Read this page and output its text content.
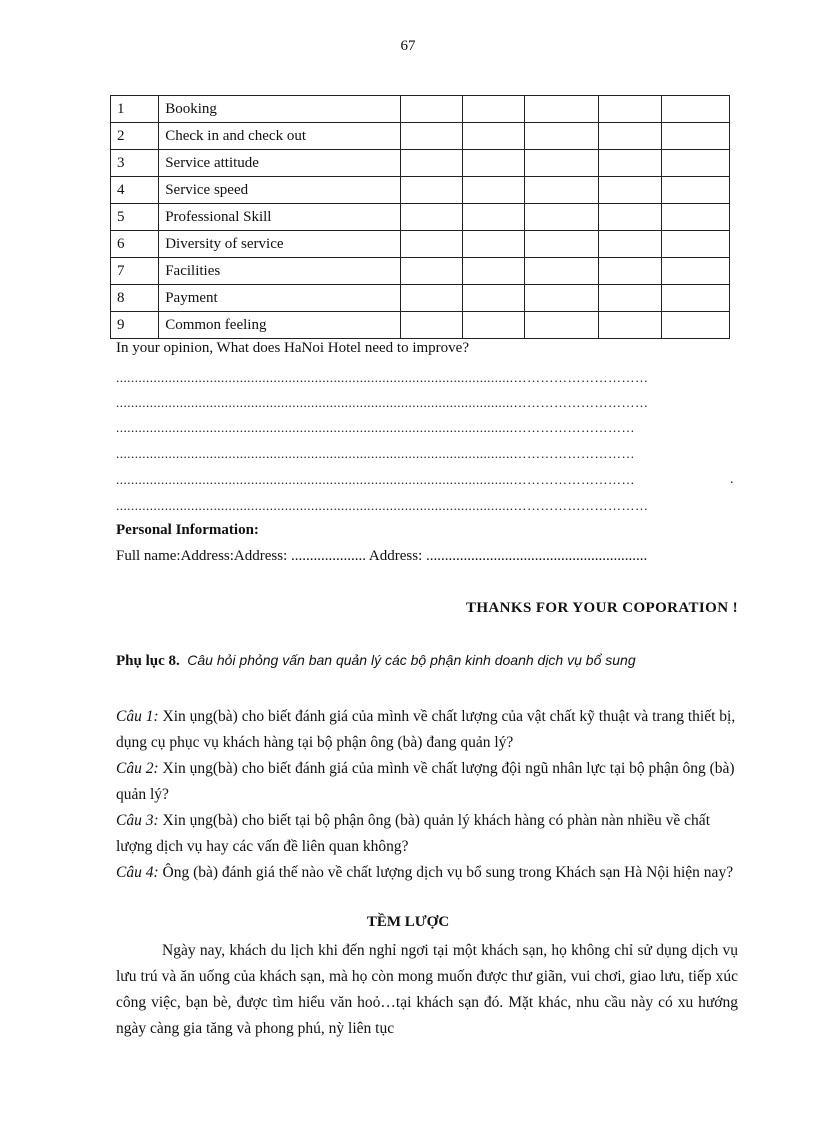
67
1	Booking					
2	Check in and check out					
3	Service attitude					
4	Service speed					
5	Professional Skill					
6	Diversity of service					
7	Facilities					
8	Payment					
9	Common feeling					
In your opinion, What does HaNoi Hotel need to improve?
..........................................................................................................…………………………
..........................................................................................................…………………………
..........................................................................................................………………………
..........................................................................................................………………………
..........................................................................................................………………………	.
..........................................................................................................…………………………
Personal Information:
Full name:Address:Address: .................... Address: ...........................................................
THANKS FOR YOUR COPORATION !
Phụ lục 8. Câu hỏi phỏng vấn ban quản lý các bộ phận kinh doanh dịch vụ bổ sung

Câu 1: Xin ụng(bà) cho biết đánh giá của mình về chất lượng của vật chất kỹ thuật và trang thiết bị, dụng cụ phục vụ khách hàng tại bộ phận ông (bà) đang quản lý?

Câu 2: Xin ụng(bà) cho biết đánh giá của mình về chất lượng đội ngũ nhân lực tại bộ phận ông (bà) quản lý?

Câu 3: Xin ụng(bà) cho biết tại bộ phận ông (bà) quản lý khách hàng có phàn nàn nhiều về chất lượng dịch vụ hay các vấn đề liên quan không?

Câu 4: Ông (bà) đánh giá thế nào về chất lượng dịch vụ bổ sung trong Khách sạn Hà Nội hiện nay?

TỀM LƯỢC

Ngày nay, khách du lịch khi đến nghỉ ngơi tại một khách sạn, họ không chỉ sử dụng dịch vụ lưu trú và ăn uống của khách sạn, mà họ còn mong muốn được thư giãn, vui chơi, giao lưu, tiếp xúc công việc, bạn bè, được tìm hiểu văn hoỏ…tại khách sạn đó. Mặt khác, nhu cầu này có xu hướng ngày càng gia tăng và phong phú, nỳ liên tục
